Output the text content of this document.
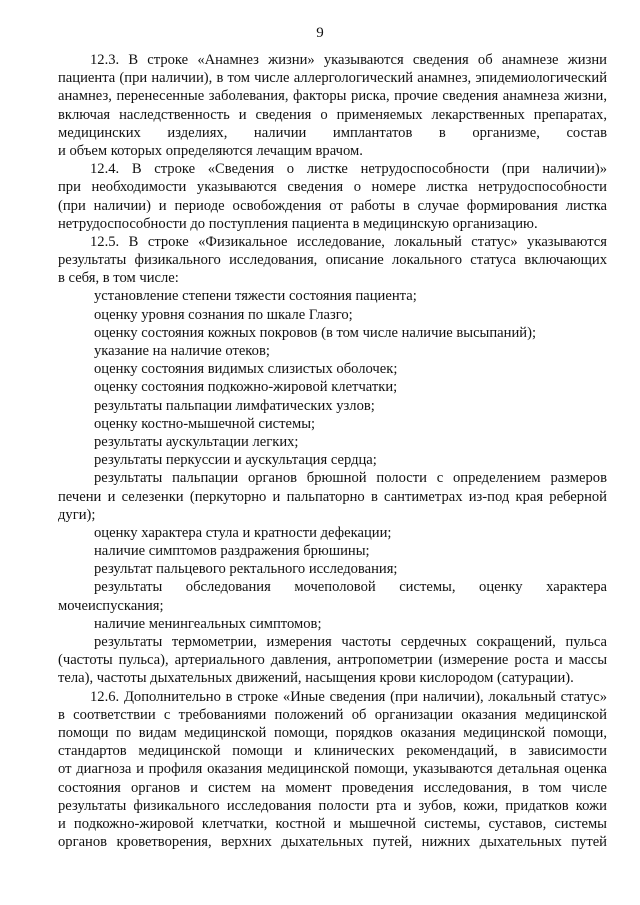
9
12.3. В строке «Анамнез жизни» указываются сведения об анамнезе жизни
пациента (при наличии), в том числе аллергологический анамнез, эпидемиологический
анамнез, перенесенные заболевания, факторы риска, прочие сведения анамнеза жизни,
включая наследственность и сведения о применяемых лекарственных препаратах,
медицинских изделиях, наличии имплантатов в организме, состав
и объем которых определяются лечащим врачом.
12.4. В строке «Сведения о листке нетрудоспособности (при наличии)»
при необходимости указываются сведения о номере листка нетрудоспособности
(при наличии) и периоде освобождения от работы в случае формирования листка
нетрудоспособности до поступления пациента в медицинскую организацию.
12.5. В строке «Физикальное исследование, локальный статус» указываются
результаты физикального исследования, описание локального статуса включающих
в себя, в том числе:
установление степени тяжести состояния пациента;
оценку уровня сознания по шкале Глазго;
оценку состояния кожных покровов (в том числе наличие высыпаний);
указание на наличие отеков;
оценку состояния видимых слизистых оболочек;
оценку состояния подкожно-жировой клетчатки;
результаты пальпации лимфатических узлов;
оценку костно-мышечной системы;
результаты аускультации легких;
результаты перкуссии и аускультация сердца;
результаты пальпации органов брюшной полости с определением размеров
печени и селезенки (перкуторно и пальпаторно в сантиметрах из-под края реберной
дуги);
оценку характера стула и кратности дефекации;
наличие симптомов раздражения брюшины;
результат пальцевого ректального исследования;
результаты обследования мочеполовой системы, оценку характера
мочеиспускания;
наличие менингеальных симптомов;
результаты термометрии, измерения частоты сердечных сокращений, пульса
(частоты пульса), артериального давления, антропометрии (измерение роста и массы
тела), частоты дыхательных движений, насыщения крови кислородом (сатурации).
12.6. Дополнительно в строке «Иные сведения (при наличии), локальный статус»
в соответствии с требованиями положений об организации оказания медицинской
помощи по видам медицинской помощи, порядков оказания медицинской помощи,
стандартов медицинской помощи и клинических рекомендаций, в зависимости
от диагноза и профиля оказания медицинской помощи, указываются детальная оценка
состояния органов и систем на момент проведения исследования, в том числе
результаты физикального исследования полости рта и зубов, кожи, придатков кожи
и подкожно-жировой клетчатки, костной и мышечной системы, суставов, системы
органов кроветворения, верхних дыхательных путей, нижних дыхательных путей
